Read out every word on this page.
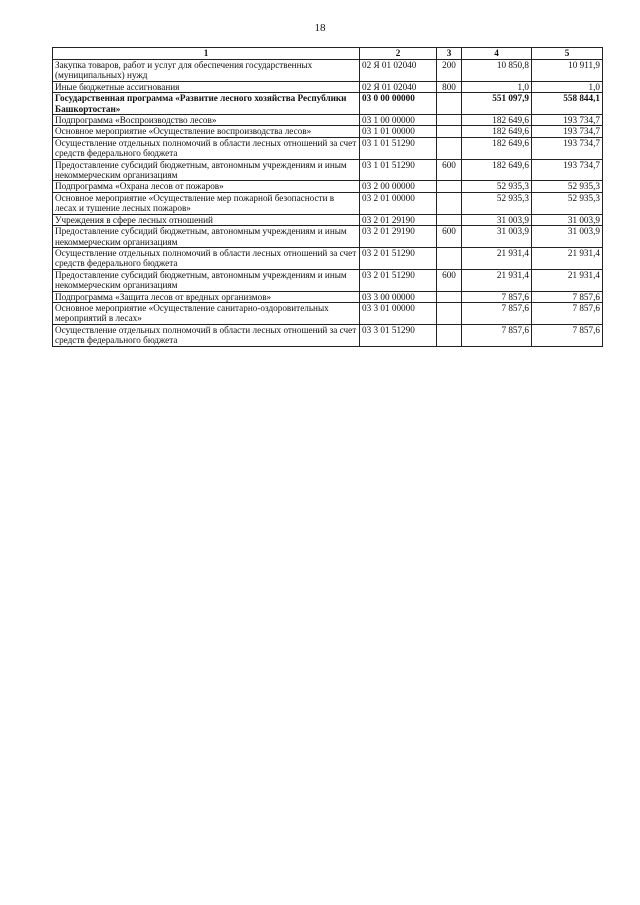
18
1	2	3	4	5
Закупка товаров, работ и услуг для обеспечения государственных (муниципальных) нужд	02 Я 01 02040	200	10 850,8	10 911,9
Иные бюджетные ассигнования	02 Я 01 02040	800	1,0	1,0
Государственная программа «Развитие лесного хозяйства Республики Башкортостан»	03 0 00 00000		551 097,9	558 844,1
Подпрограмма «Воспроизводство лесов»	03 1 00 00000		182 649,6	193 734,7
Основное мероприятие «Осуществление воспроизводства лесов»	03 1 01 00000		182 649,6	193 734,7
Осуществление отдельных полномочий в области лесных отношений за счет средств федерального бюджета	03 1 01 51290		182 649,6	193 734,7
Предоставление субсидий бюджетным, автономным учреждениям и иным некоммерческим организациям	03 1 01 51290	600	182 649,6	193 734,7
Подпрограмма «Охрана лесов от пожаров»	03 2 00 00000		52 935,3	52 935,3
Основное мероприятие «Осуществление мер пожарной безопасности в лесах и тушение лесных пожаров»	03 2 01 00000		52 935,3	52 935,3
Учреждения в сфере лесных отношений	03 2 01 29190		31 003,9	31 003,9
Предоставление субсидий бюджетным, автономным учреждениям и иным некоммерческим организациям	03 2 01 29190	600	31 003,9	31 003,9
Осуществление отдельных полномочий в области лесных отношений за счет средств федерального бюджета	03 2 01 51290		21 931,4	21 931,4
Предоставление субсидий бюджетным, автономным учреждениям и иным некоммерческим организациям	03 2 01 51290	600	21 931,4	21 931,4
Подпрограмма «Защита лесов от вредных организмов»	03 3 00 00000		7 857,6	7 857,6
Основное мероприятие «Осуществление санитарно-оздоровительных мероприятий в лесах»	03 3 01 00000		7 857,6	7 857,6
Осуществление отдельных полномочий в области лесных отношений за счет средств федерального бюджета	03 3 01 51290		7 857,6	7 857,6
